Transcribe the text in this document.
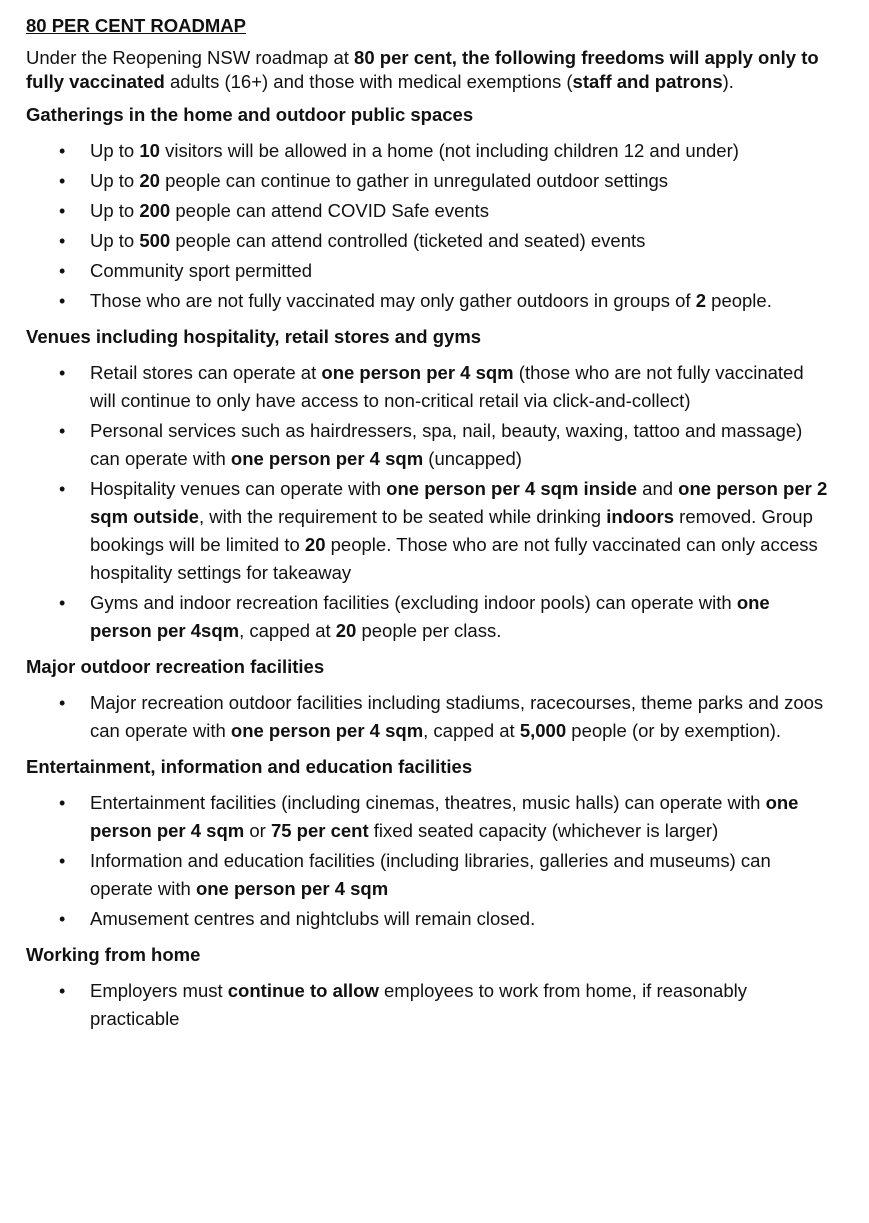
80 PER CENT ROADMAP

Under the Reopening NSW roadmap at 80 per cent, the following freedoms will apply only to fully vaccinated adults (16+) and those with medical exemptions (staff and patrons).

Gatherings in the home and outdoor public spaces
• Up to 10 visitors will be allowed in a home (not including children 12 and under)
• Up to 20 people can continue to gather in unregulated outdoor settings
• Up to 200 people can attend COVID Safe events
• Up to 500 people can attend controlled (ticketed and seated) events
• Community sport permitted
• Those who are not fully vaccinated may only gather outdoors in groups of 2 people.
Venues including hospitality, retail stores and gyms
• Retail stores can operate at one person per 4 sqm (those who are not fully vaccinated will continue to only have access to non-critical retail via click-and-collect)
• Personal services such as hairdressers, spa, nail, beauty, waxing, tattoo and massage) can operate with one person per 4 sqm (uncapped)
• Hospitality venues can operate with one person per 4 sqm inside and one person per 2 sqm outside, with the requirement to be seated while drinking indoors removed. Group bookings will be limited to 20 people. Those who are not fully vaccinated can only access hospitality settings for takeaway
• Gyms and indoor recreation facilities (excluding indoor pools) can operate with one person per 4sqm, capped at 20 people per class.
Major outdoor recreation facilities
• Major recreation outdoor facilities including stadiums, racecourses, theme parks and zoos can operate with one person per 4 sqm, capped at 5,000 people (or by exemption).
Entertainment, information and education facilities
• Entertainment facilities (including cinemas, theatres, music halls) can operate with one person per 4 sqm or 75 per cent fixed seated capacity (whichever is larger)
• Information and education facilities (including libraries, galleries and museums) can operate with one person per 4 sqm
• Amusement centres and nightclubs will remain closed.
Working from home
• Employers must continue to allow employees to work from home, if reasonably practicable
